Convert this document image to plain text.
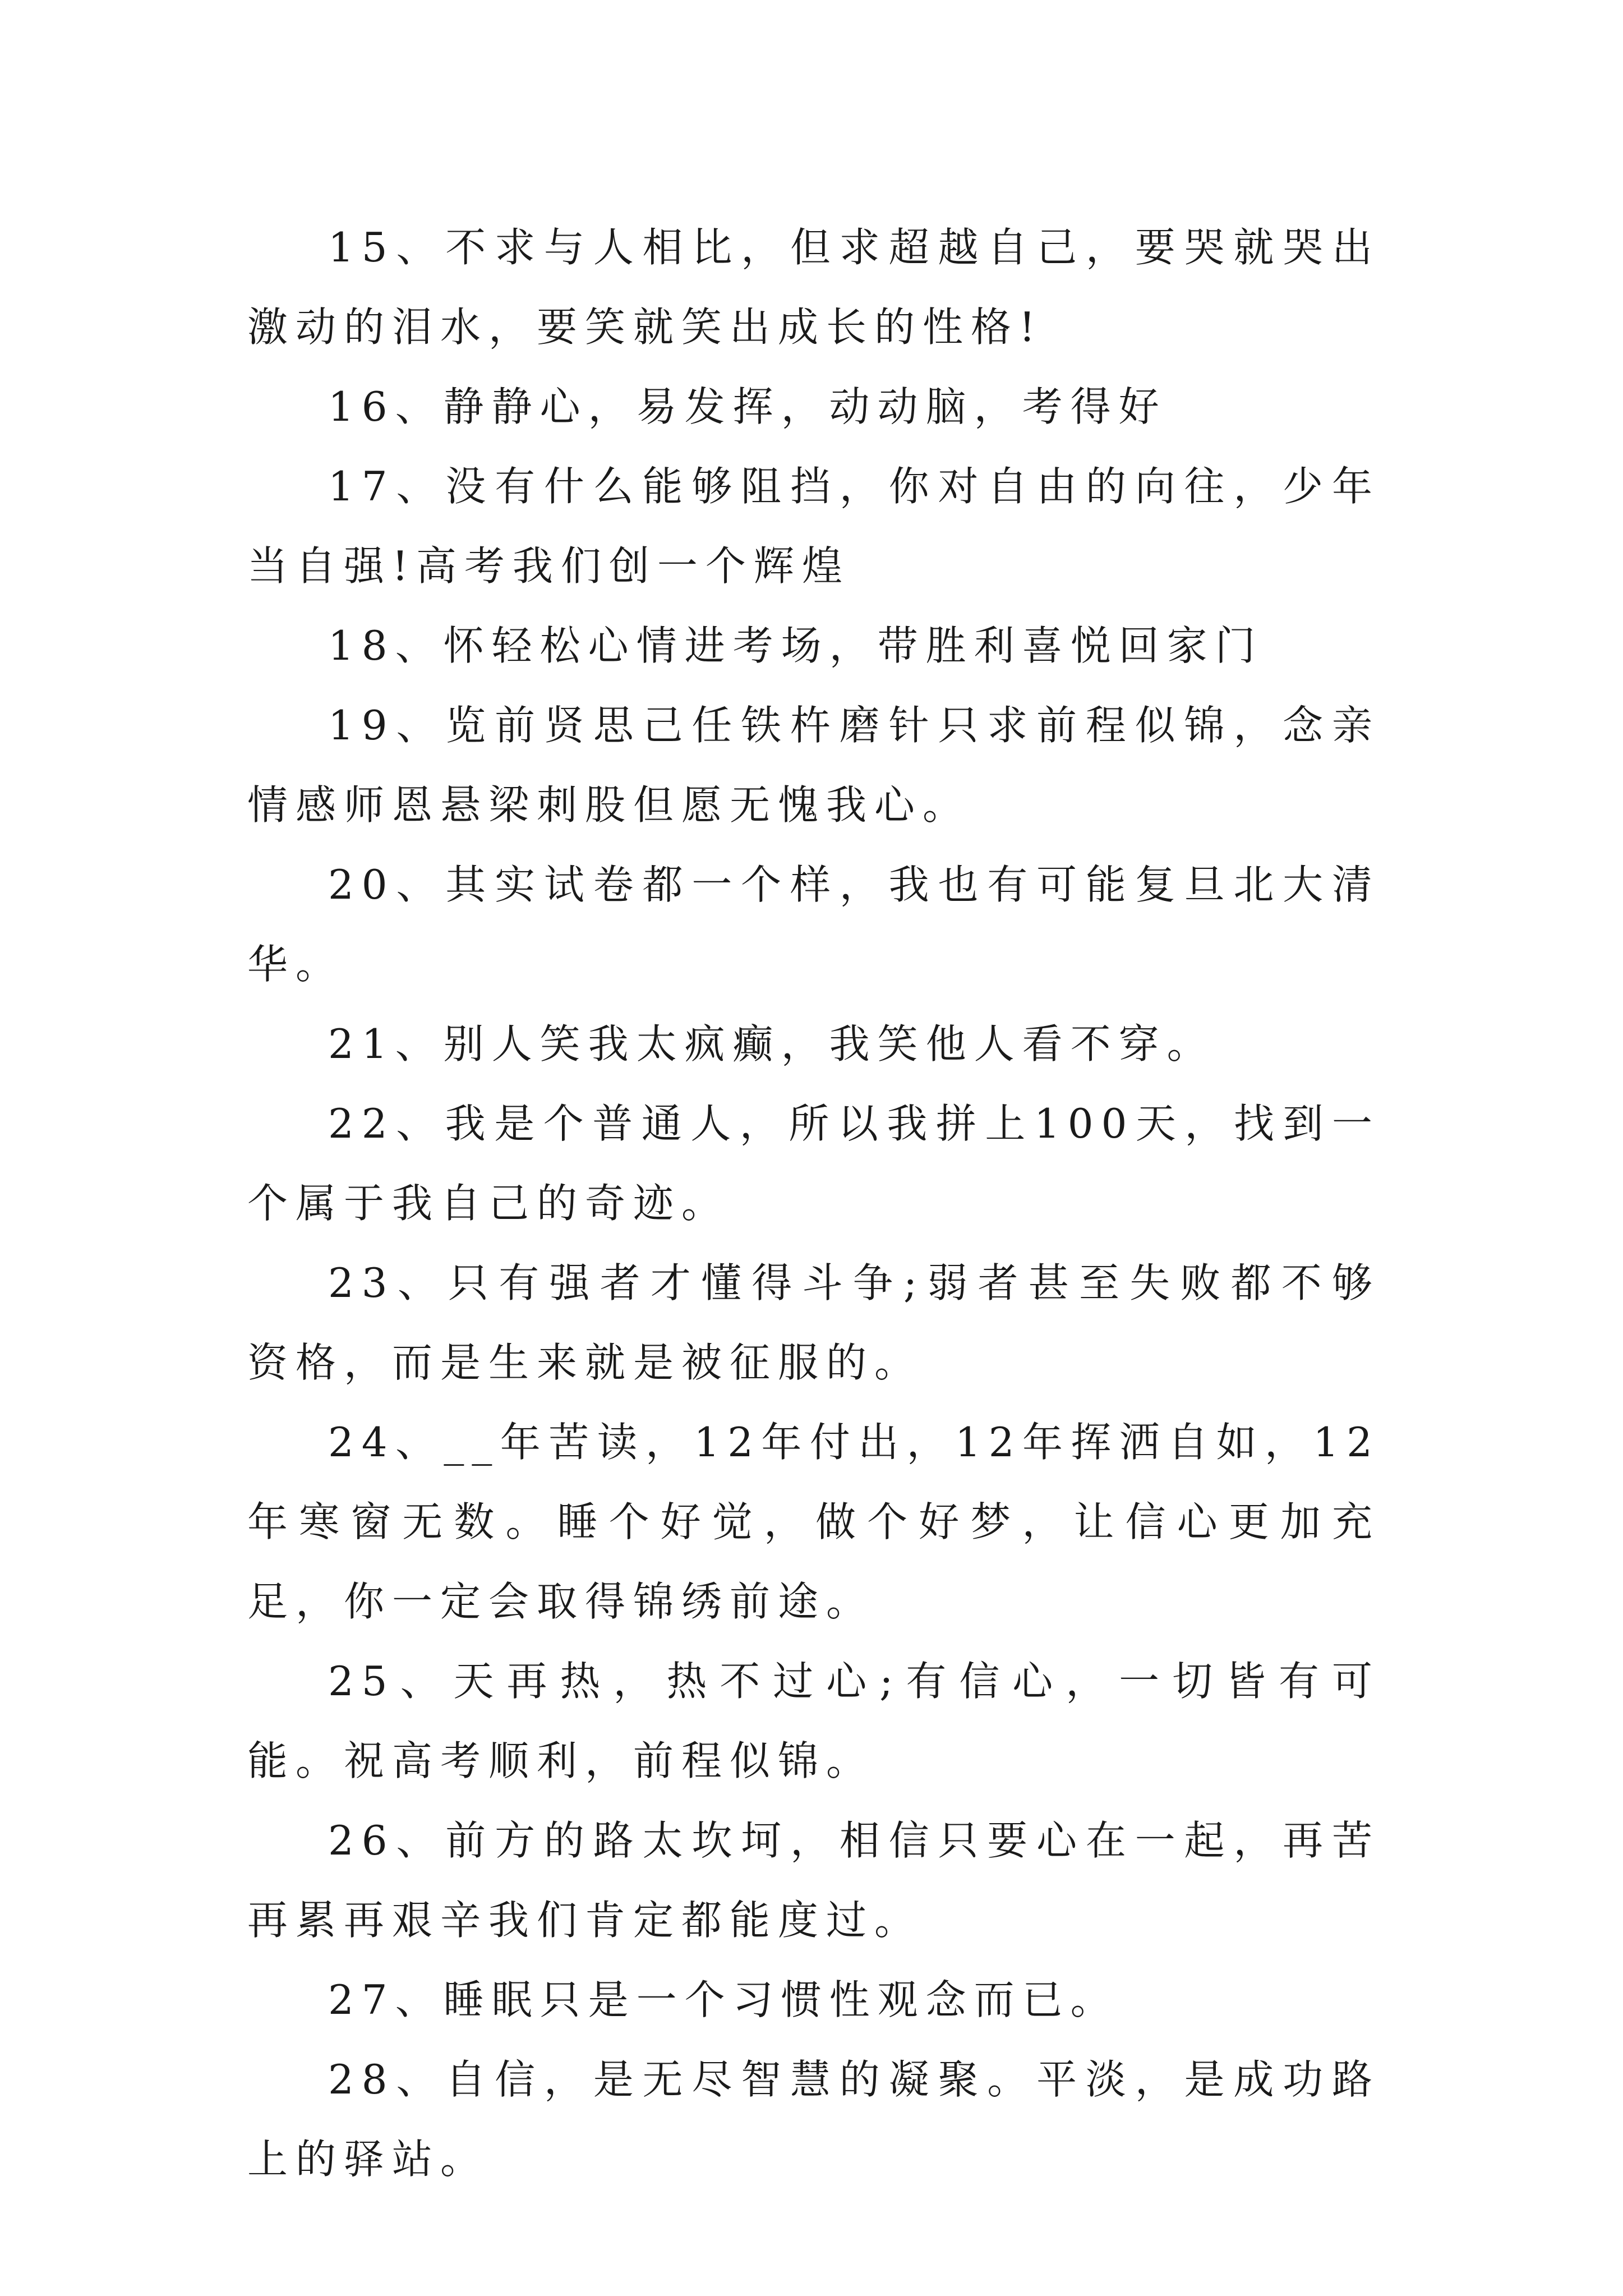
15、不求与人相比，但求超越自己，要哭就哭出激动的泪水，要笑就笑出成长的性格!

16、静静心，易发挥，动动脑，考得好

17、没有什么能够阻挡，你对自由的向往，少年当自强!高考我们创一个辉煌

18、怀轻松心情进考场，带胜利喜悦回家门

19、览前贤思己任铁杵磨针只求前程似锦，念亲情感师恩悬梁刺股但愿无愧我心。

20、其实试卷都一个样，我也有可能复旦北大清华。

21、别人笑我太疯癫，我笑他人看不穿。

22、我是个普通人，所以我拼上100天，找到一个属于我自己的奇迹。

23、只有强者才懂得斗争;弱者甚至失败都不够资格，而是生来就是被征服的。

24、__年苦读，12年付出，12年挥洒自如，12年寒窗无数。睡个好觉，做个好梦，让信心更加充足，你一定会取得锦绣前途。

25、天再热，热不过心;有信心，一切皆有可能。祝高考顺利，前程似锦。

26、前方的路太坎坷，相信只要心在一起，再苦再累再艰辛我们肯定都能度过。

27、睡眠只是一个习惯性观念而已。

28、自信，是无尽智慧的凝聚。平淡，是成功路上的驿站。
